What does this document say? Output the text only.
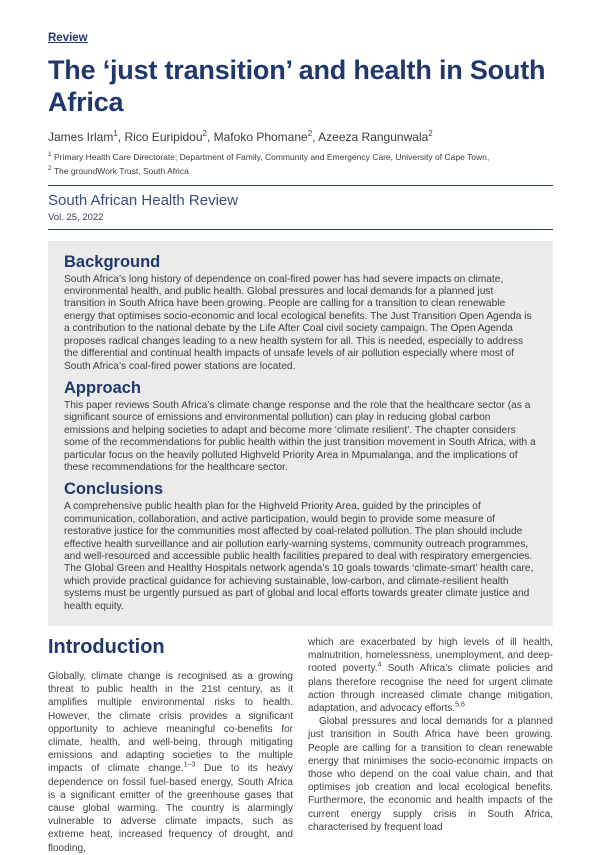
Review
The ‘just transition’ and health in South Africa

James Irlam$^1$, Rico Euripidou$^2$, Mafoko Phomane$^2$, Azeeza Rangunwala$^2$

$^1$ Primary Health Care Directorate; Department of Family, Community and Emergency Care, University of Cape Town,
$^2$ The groundWork Trust, South Africa
South African Health Review
Vol. 25, 2022
Background

South Africa’s long history of dependence on coal-fired power has had severe impacts on climate, environmental health, and public health. Global pressures and local demands for a planned just transition in South Africa have been growing. People are calling for a transition to clean renewable energy that optimises socio-economic and local ecological benefits. The Just Transition Open Agenda is a contribution to the national debate by the Life After Coal civil society campaign. The Open Agenda proposes radical changes leading to a new health system for all. This is needed, especially to address the differential and continual health impacts of unsafe levels of air pollution especially where most of South Africa’s coal-fired power stations are located.

Approach

This paper reviews South Africa’s climate change response and the role that the healthcare sector (as a significant source of emissions and environmental pollution) can play in reducing global carbon emissions and helping societies to adapt and become more ‘climate resilient’. The chapter considers some of the recommendations for public health within the just transition movement in South Africa, with a particular focus on the heavily polluted Highveld Priority Area in Mpumalanga, and the implications of these recommendations for the healthcare sector.

Conclusions

A comprehensive public health plan for the Highveld Priority Area, guided by the principles of communication, collaboration, and active participation, would begin to provide some measure of restorative justice for the communities most affected by coal-related pollution. The plan should include effective health surveillance and air pollution early-warning systems, community outreach programmes, and well-resourced and accessible public health facilities prepared to deal with respiratory emergencies. The Global Green and Healthy Hospitals network agenda’s 10 goals towards ‘climate-smart’ health care, which provide practical guidance for achieving sustainable, low-carbon, and climate-resilient health systems must be urgently pursued as part of global and local efforts towards greater climate justice and health equity.

Introduction

Globally, climate change is recognised as a growing threat to public health in the 21st century, as it amplifies multiple environmental risks to health. However, the climate crisis provides a significant opportunity to achieve meaningful co-benefits for climate, health, and well-being, through mitigating emissions and adapting societies to the multiple impacts of climate change.$^{1-3}$ Due to its heavy dependence on fossil fuel-based energy, South Africa is a significant emitter of the greenhouse gases that cause global warming. The country is alarmingly vulnerable to adverse climate impacts, such as extreme heat, increased frequency of drought, and flooding,

which are exacerbated by high levels of ill health, malnutrition, homelessness, unemployment, and deep-rooted poverty.$^4$ South Africa’s climate policies and plans therefore recognise the need for urgent climate action through increased climate change mitigation, adaptation, and advocacy efforts.$^{5,6}$

Global pressures and local demands for a planned just transition in South Africa have been growing. People are calling for a transition to clean renewable energy that minimises the socio-economic impacts on those who depend on the coal value chain, and that optimises job creation and local ecological benefits. Furthermore, the economic and health impacts of the current energy supply crisis in South Africa, characterised by frequent load
